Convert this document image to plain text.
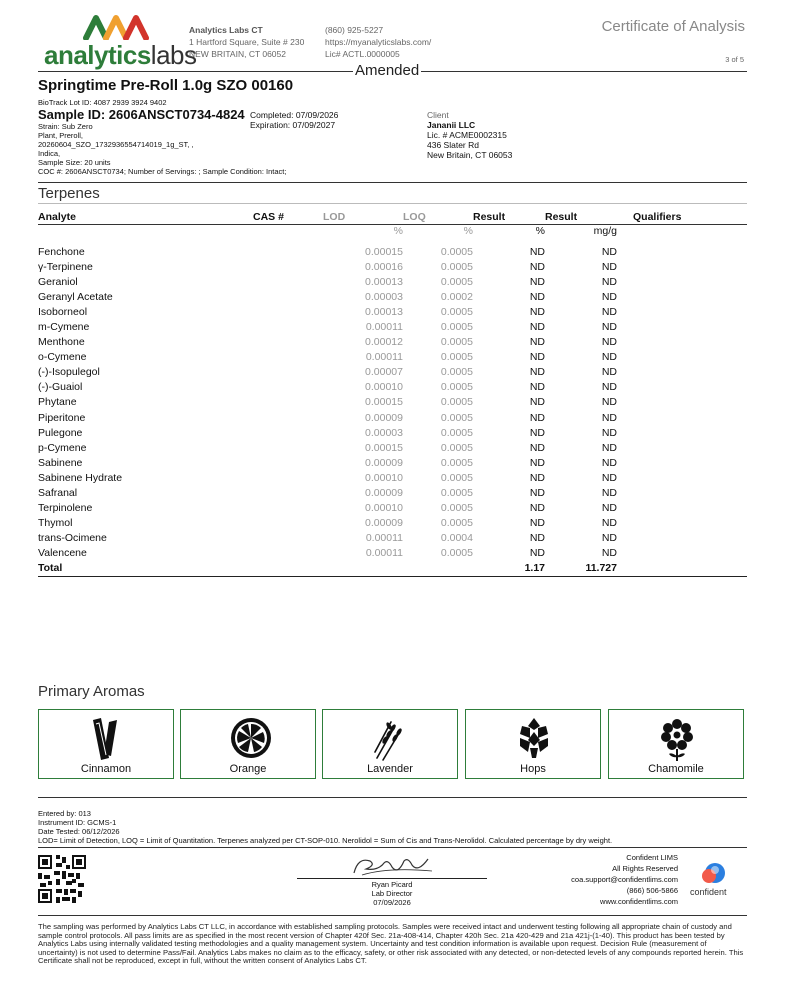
analyticslabs
Analytics Labs CT
1 Hartford Square, Suite # 230
NEW BRITAIN, CT 06052
(860) 925-5227
https://myanalyticslabs.com/
Lic# ACTL.0000005
Certificate of Analysis
3 of 5
Amended
Springtime Pre-Roll 1.0g SZO 00160
BioTrack Lot ID: 4087 2939 3924 9402
Sample ID: 2606ANSCT0734-4824
Strain: Sub Zero
Plant, Preroll,
20260604_SZO_1732936554714019_1g_ST, ,
Indica,
Sample Size: 20 units
COC #: 2606ANSCT0734; Number of Servings: ; Sample Condition: Intact;
Completed: 07/09/2026
Expiration: 07/09/2027
Client
Jananii LLC
Lic. # ACME0002315
436 Slater Rd
New Britain, CT 06053
Terpenes
Analyte	CAS #	LOD	LOQ	Result	Result	Qualifiers
		%	%	%	mg/g	

Fenchone		0.00015	0.0005	ND	ND	
γ-Terpinene		0.00016	0.0005	ND	ND	
Geraniol		0.00013	0.0005	ND	ND	
Geranyl Acetate		0.00003	0.0002	ND	ND	
Isoborneol		0.00013	0.0005	ND	ND	
m-Cymene		0.00011	0.0005	ND	ND	
Menthone		0.00012	0.0005	ND	ND	
o-Cymene		0.00011	0.0005	ND	ND	
(-)-Isopulegol		0.00007	0.0005	ND	ND	
(-)-Guaiol		0.00010	0.0005	ND	ND	
Phytane		0.00015	0.0005	ND	ND	
Piperitone		0.00009	0.0005	ND	ND	
Pulegone		0.00003	0.0005	ND	ND	
p-Cymene		0.00015	0.0005	ND	ND	
Sabinene		0.00009	0.0005	ND	ND	
Sabinene Hydrate		0.00010	0.0005	ND	ND	
Safranal		0.00009	0.0005	ND	ND	
Terpinolene		0.00010	0.0005	ND	ND	
Thymol		0.00009	0.0005	ND	ND	
trans-Ocimene		0.00011	0.0004	ND	ND	
Valencene		0.00011	0.0005	ND	ND	
Total				1.17	11.727	
Primary Aromas
Cinnamon	Orange	Lavender	Hops	Chamomile
Entered by: 013
Instrument ID: GCMS-1
Date Tested: 06/12/2026
LOD= Limit of Detection, LOQ = Limit of Quantitation. Terpenes analyzed per CT-SOP-010. Nerolidol = Sum of Cis and Trans-Nerolidol. Calculated percentage by dry weight.
Ryan Picard
Lab Director
07/09/2026
Confident LIMS
All Rights Reserved
coa.support@confidentlims.com
(866) 506-5866
www.confidentlims.com
confident
The sampling was performed by Analytics Labs CT LLC, in accordance with established sampling protocols. Samples were received intact and underwent testing following all appropriate chain of custody and sample control protocols. All pass limits are as specified in the most recent version of Chapter 420f Sec. 21a-408-414, Chapter 420h Sec. 21a 420-429 and 21a 421j-(1-40). This product has been tested by Analytics Labs using internally validated testing methodologies and a quality management system. Uncertainty and test condition information is available upon request. Decision Rule (measurement of uncertainty) is not used to determine Pass/Fail. Analytics Labs makes no claim as to the efficacy, safety, or other risk associated with any detected, or non-detected levels of any compounds reported herein. This Certificate shall not be reproduced, except in full, without the written consent of Analytics Labs CT.
